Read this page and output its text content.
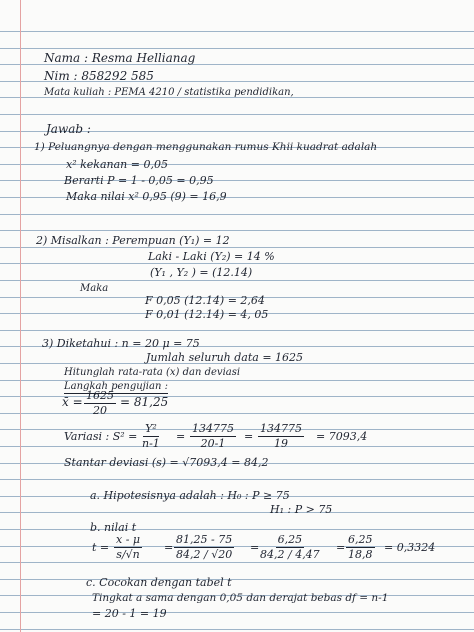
Nama : Resma Hellianag
Nim : 858292 585
Mata kuliah : PEMA 4210 / statistika pendidikan,
Jawab :
1) Peluangnya dengan menggunakan rumus Khii kuadrat adalah
x² kekanan = 0,05
Berarti P = 1 - 0,05 = 0,95
Maka nilai x² 0,95 (9) = 16,9
2) Misalkan : Perempuan (Y₁) = 12
Laki - Laki (Y₂) = 14 %
(Y₁ , Y₂ ) = (12.14)
Maka
F 0,05 (12.14) = 2,64
F 0,01 (12.14) = 4, 05
3) Diketahui : n = 20 μ = 75
Jumlah seluruh data = 1625
Hitunglah rata-rata (x) dan deviasi
Langkah pengujian :
x̄ = $\frac{1625}{20} = 81,25$
Variasi : $S^2 = \frac{\text{Y²}}{n-1} = \frac{134775}{20-1} = \frac{134775}{19} = 7093,4$
Stantar deviasi (s) = √7093,4 = 84,2
a. Hipotesisnya adalah : H₀ : P ≥ 75
H₁ : P > 75
b. nilai t
$t = \frac{x - \mu}{s/√n} = \frac{81,25 - 75}{84,2 / √20}$ =
$\frac{6,25}{84,2 / 4,47} = \frac{6,25}{18,8} = 0,3324$
c. Cocokan dengan tabel t
Tingkat a sama dengan 0,05 dan derajat bebas df = n-1
= 20 - 1 = 19
